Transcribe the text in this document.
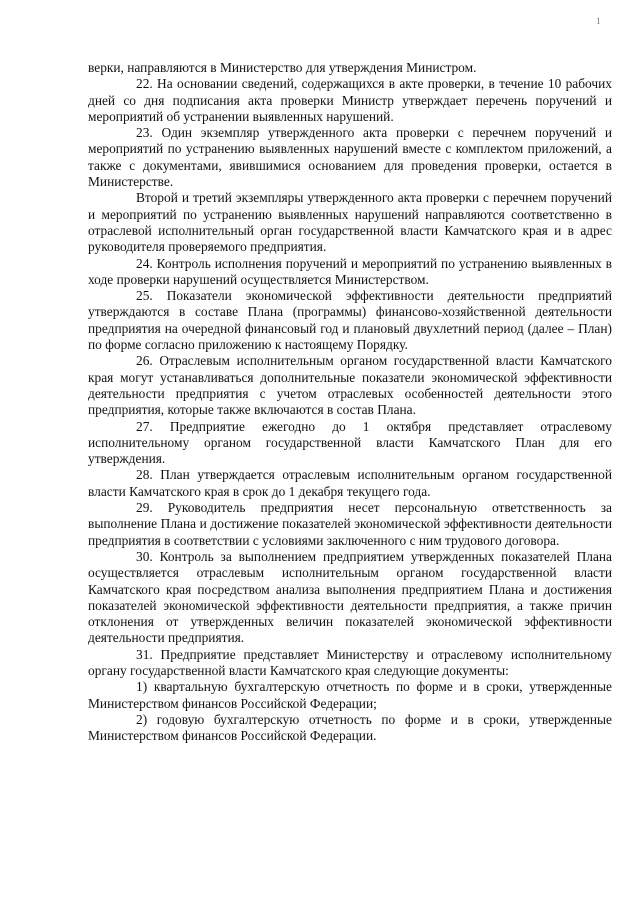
1

верки, направляются в Министерство для утверждения Министром.

22. На основании сведений, содержащихся в акте проверки, в течение 10 рабочих дней со дня подписания акта проверки Министр утверждает перечень поручений и мероприятий об устранении выявленных нарушений.

23. Один экземпляр утвержденного акта проверки с перечнем поручений и мероприятий по устранению выявленных нарушений вместе с комплектом приложений, а также с документами, явившимися основанием для проведения проверки, остается в Министерстве.

Второй и третий экземпляры утвержденного акта проверки с перечнем поручений и мероприятий по устранению выявленных нарушений направляются соответственно в отраслевой исполнительный орган государственной власти Камчатского края и в адрес руководителя проверяемого предприятия.

24. Контроль исполнения поручений и мероприятий по устранению выявленных в ходе проверки нарушений осуществляется Министерством.

25. Показатели экономической эффективности деятельности предприятий утверждаются в составе Плана (программы) финансово-хозяйственной деятельности предприятия на очередной финансовый год и плановый двухлетний период (далее – План) по форме согласно приложению к настоящему Порядку.

26. Отраслевым исполнительным органом государственной власти Камчатского края могут устанавливаться дополнительные показатели экономической эффективности деятельности предприятия с учетом отраслевых особенностей деятельности этого предприятия, которые также включаются в состав Плана.

27. Предприятие ежегодно до 1 октября представляет отраслевому исполнительному органом государственной власти Камчатского План для его утверждения.

28. План утверждается отраслевым исполнительным органом государственной власти Камчатского края в срок до 1 декабря текущего года.

29. Руководитель предприятия несет персональную ответственность за выполнение Плана и достижение показателей экономической эффективности деятельности предприятия в соответствии с условиями заключенного с ним трудового договора.

30. Контроль за выполнением предприятием утвержденных показателей Плана осуществляется отраслевым исполнительным органом государственной власти Камчатского края посредством анализа выполнения предприятием Плана и достижения показателей экономической эффективности деятельности предприятия, а также причин отклонения от утвержденных величин показателей экономической эффективности деятельности предприятия.

31. Предприятие представляет Министерству и отраслевому исполнительному органу государственной власти Камчатского края следующие документы:

1) квартальную бухгалтерскую отчетность по форме и в сроки, утвержденные Министерством финансов Российской Федерации;

2) годовую бухгалтерскую отчетность по форме и в сроки, утвержденные Министерством финансов Российской Федерации.
